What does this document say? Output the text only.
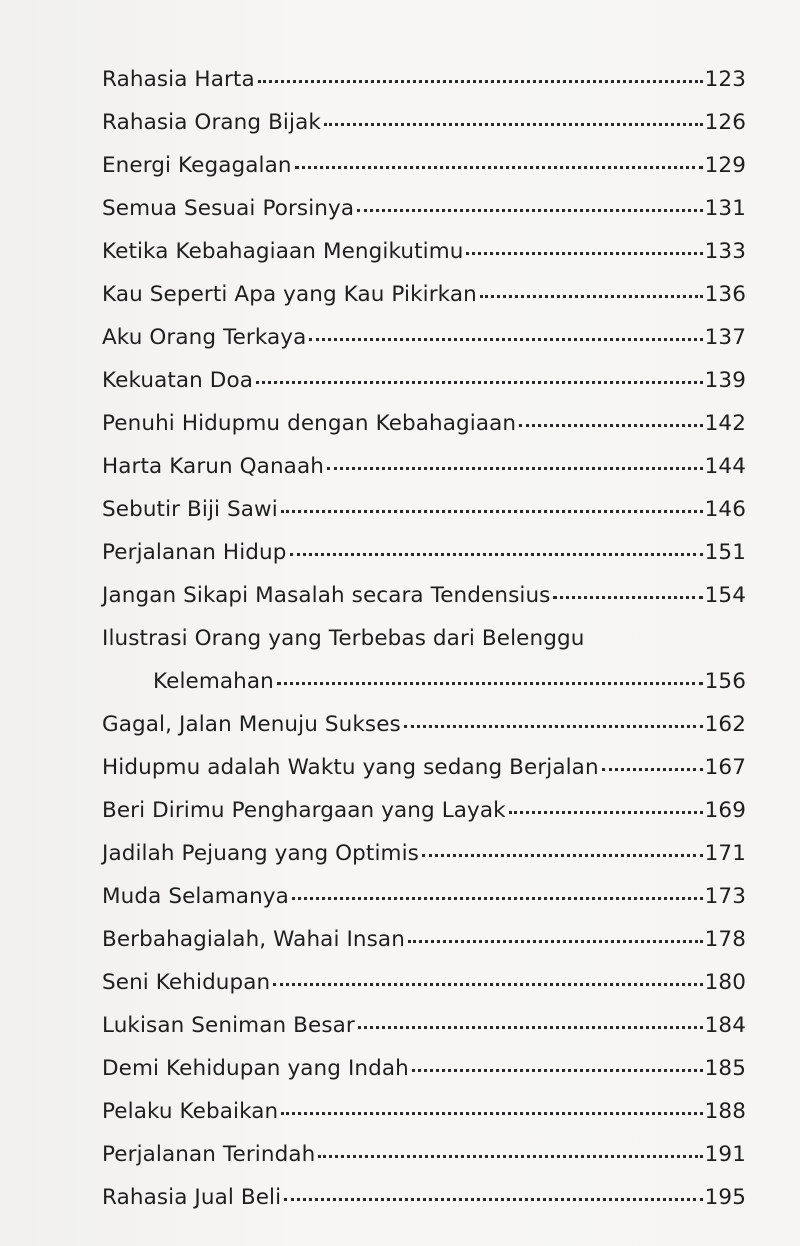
Rahasia Harta	123
Rahasia Orang Bijak	126
Energi Kegagalan	129
Semua Sesuai Porsinya	131
Ketika Kebahagiaan Mengikutimu	133
Kau Seperti Apa yang Kau Pikirkan	136
Aku Orang Terkaya	137
Kekuatan Doa	139
Penuhi Hidupmu dengan Kebahagiaan	142
Harta Karun Qanaah	144
Sebutir Biji Sawi	146
Perjalanan Hidup	151
Jangan Sikapi Masalah secara Tendensius	154
Ilustrasi Orang yang Terbebas dari Belenggu
Kelemahan	156
Gagal, Jalan Menuju Sukses	162
Hidupmu adalah Waktu yang sedang Berjalan	167
Beri Dirimu Penghargaan yang Layak	169
Jadilah Pejuang yang Optimis	171
Muda Selamanya	173
Berbahagialah, Wahai Insan	178
Seni Kehidupan	180
Lukisan Seniman Besar	184
Demi Kehidupan yang Indah	185
Pelaku Kebaikan	188
Perjalanan Terindah	191
Rahasia Jual Beli	195
